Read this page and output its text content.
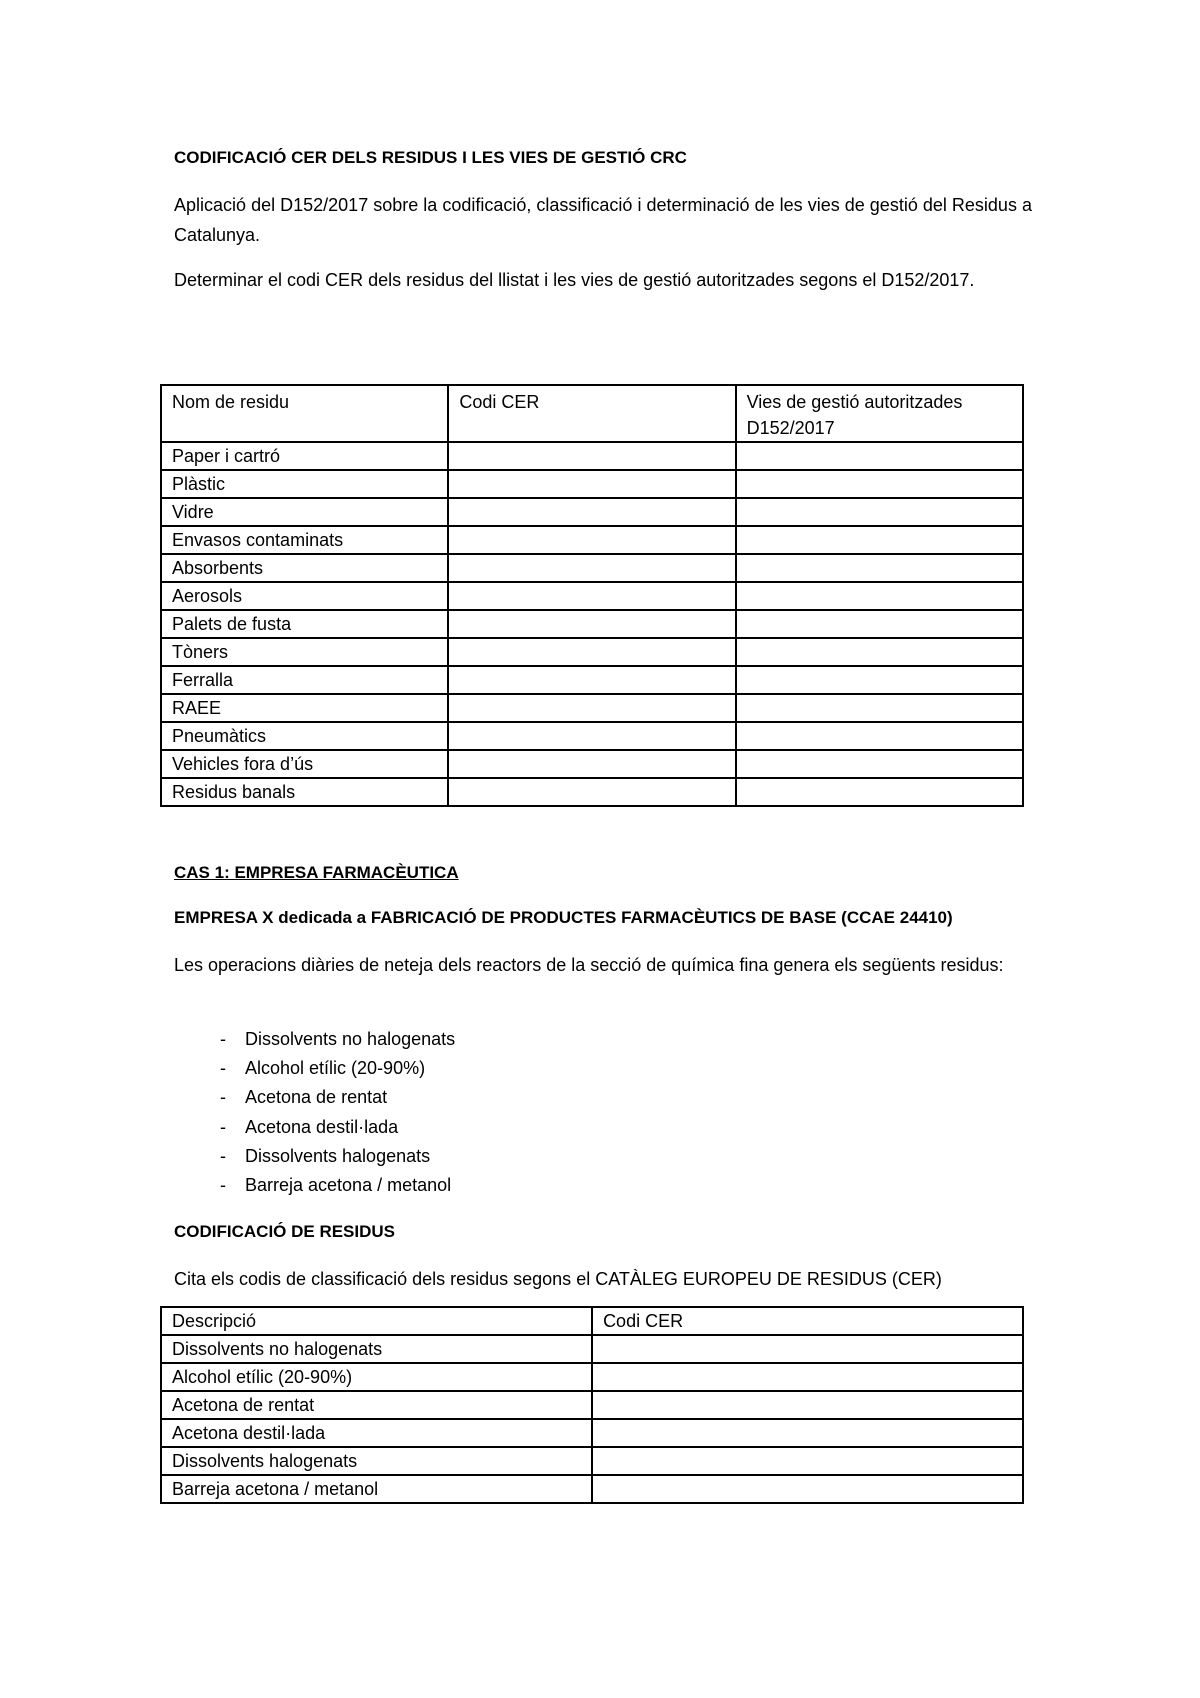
CODIFICACIÓ CER DELS RESIDUS I LES VIES DE GESTIÓ CRC
Aplicació del D152/2017 sobre la codificació, classificació i determinació de les vies de gestió del Residus a Catalunya.
Determinar el codi CER dels residus del llistat i les vies de gestió autoritzades segons el D152/2017.
Nom de residu	Codi CER	Vies de gestió autoritzades D152/2017
Paper i cartró		
Plàstic		
Vidre		
Envasos contaminats		
Absorbents		
Aerosols		
Palets de fusta		
Tòners		
Ferralla		
RAEE		
Pneumàtics		
Vehicles fora d’ús		
Residus banals		
CAS 1: EMPRESA FARMACÈUTICA
EMPRESA X dedicada a FABRICACIÓ DE PRODUCTES FARMACÈUTICS DE BASE (CCAE 24410)
Les operacions diàries de neteja dels reactors de la secció de química fina genera els següents residus:
- Dissolvents no halogenats
- Alcohol etílic (20-90%)
- Acetona de rentat
- Acetona destil·lada
- Dissolvents halogenats
- Barreja acetona / metanol
CODIFICACIÓ DE RESIDUS
Cita els codis de classificació dels residus segons el CATÀLEG EUROPEU DE RESIDUS (CER)
Descripció	Codi CER
Dissolvents no halogenats	
Alcohol etílic (20-90%)	
Acetona de rentat	
Acetona destil·lada	
Dissolvents halogenats	
Barreja acetona / metanol	
